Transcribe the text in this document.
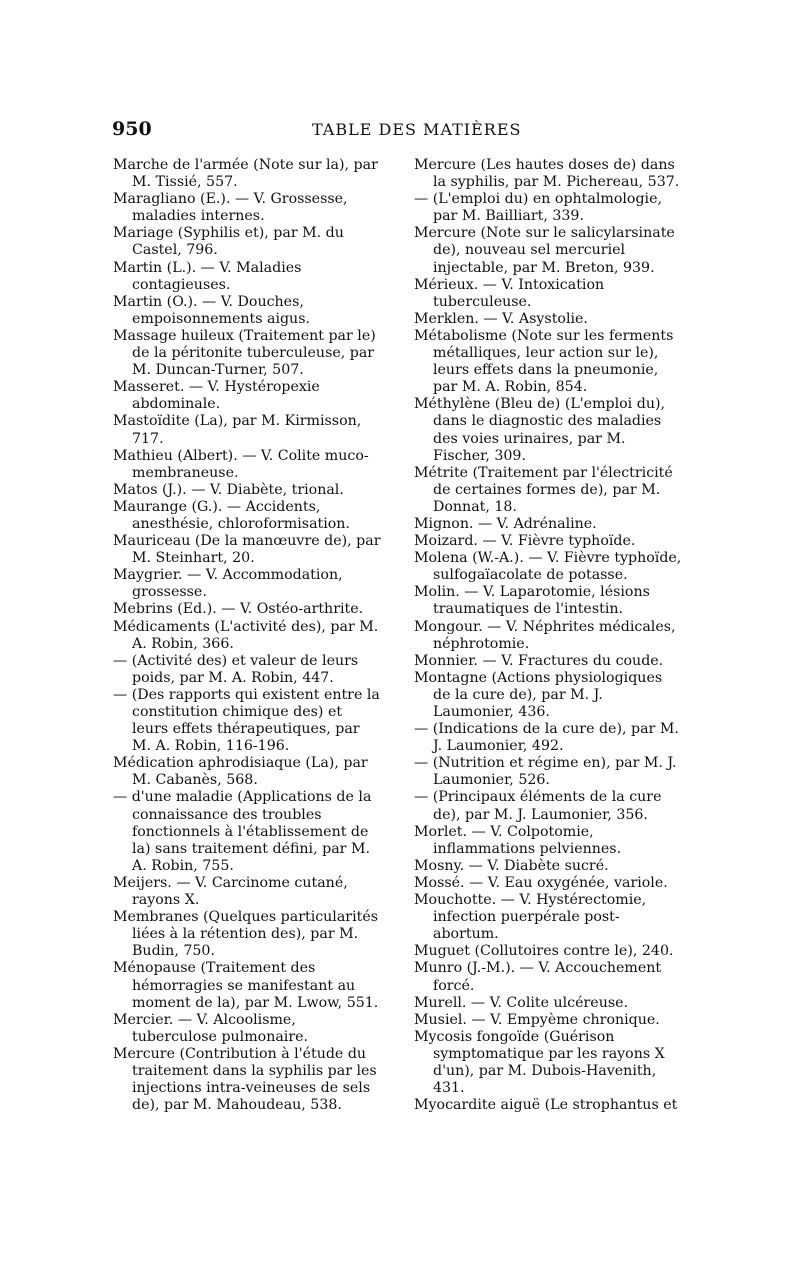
950	TABLE DES MATIÈRES

Marche de l'armée (Note sur la), par M. Tissié, 557.

Maragliano (E.). — V. Grossesse, maladies internes.

Mariage (Syphilis et), par M. du Castel, 796.

Martin (L.). — V. Maladies contagieuses.

Martin (O.). — V. Douches, empoisonnements aigus.

Massage huileux (Traitement par le) de la péritonite tuberculeuse, par M. Duncan-Turner, 507.

Masseret. — V. Hystéropexie abdominale.

Mastoïdite (La), par M. Kirmisson, 717.

Mathieu (Albert). — V. Colite muco-membraneuse.

Matos (J.). — V. Diabète, trional.

Maurange (G.). — Accidents, anesthésie, chloroformisation.

Mauriceau (De la manœuvre de), par M. Steinhart, 20.

Maygrier. — V. Accommodation, grossesse.

Mebrins (Ed.). — V. Ostéo-arthrite.

Médicaments (L'activité des), par M. A. Robin, 366.

— (Activité des) et valeur de leurs poids, par M. A. Robin, 447.

— (Des rapports qui existent entre la constitution chimique des) et leurs effets thérapeutiques, par M. A. Robin, 116-196.

Médication aphrodisiaque (La), par M. Cabanès, 568.

— d'une maladie (Applications de la connaissance des troubles fonctionnels à l'établissement de la) sans traitement défini, par M. A. Robin, 755.

Meijers. — V. Carcinome cutané, rayons X.

Membranes (Quelques particularités liées à la rétention des), par M. Budin, 750.

Ménopause (Traitement des hémorragies se manifestant au moment de la), par M. Lwow, 551.

Mercier. — V. Alcoolisme, tuberculose pulmonaire.

Mercure (Contribution à l'étude du traitement dans la syphilis par les injections intra-veineuses de sels de), par M. Mahoudeau, 538.

Mercure (Les hautes doses de) dans la syphilis, par M. Pichereau, 537.

— (L'emploi du) en ophtalmologie, par M. Bailliart, 339.

Mercure (Note sur le salicylarsinate de), nouveau sel mercuriel injectable, par M. Breton, 939.

Mérieux. — V. Intoxication tuberculeuse.

Merklen. — V. Asystolie.

Métabolisme (Note sur les ferments métalliques, leur action sur le), leurs effets dans la pneumonie, par M. A. Robin, 854.

Méthylène (Bleu de) (L'emploi du), dans le diagnostic des maladies des voies urinaires, par M. Fischer, 309.

Métrite (Traitement par l'électricité de certaines formes de), par M. Donnat, 18.

Mignon. — V. Adrénaline.

Moizard. — V. Fièvre typhoïde.

Molena (W.-A.). — V. Fièvre typhoïde, sulfogaïacolate de potasse.

Molin. — V. Laparotomie, lésions traumatiques de l'intestin.

Mongour. — V. Néphrites médicales, néphrotomie.

Monnier. — V. Fractures du coude.

Montagne (Actions physiologiques de la cure de), par M. J. Laumonier, 436.

— (Indications de la cure de), par M. J. Laumonier, 492.

— (Nutrition et régime en), par M. J. Laumonier, 526.

— (Principaux éléments de la cure de), par M. J. Laumonier, 356.

Morlet. — V. Colpotomie, inflammations pelviennes.

Mosny. — V. Diabète sucré.

Mossé. — V. Eau oxygénée, variole.

Mouchotte. — V. Hystérectomie, infection puerpérale post-abortum.

Muguet (Collutoires contre le), 240.

Munro (J.-M.). — V. Accouchement forcé.

Murell. — V. Colite ulcéreuse.

Musiel. — V. Empyème chronique.

Mycosis fongoïde (Guérison symptomatique par les rayons X d'un), par M. Dubois-Havenith, 431.

Myocardite aiguë (Le strophantus et
